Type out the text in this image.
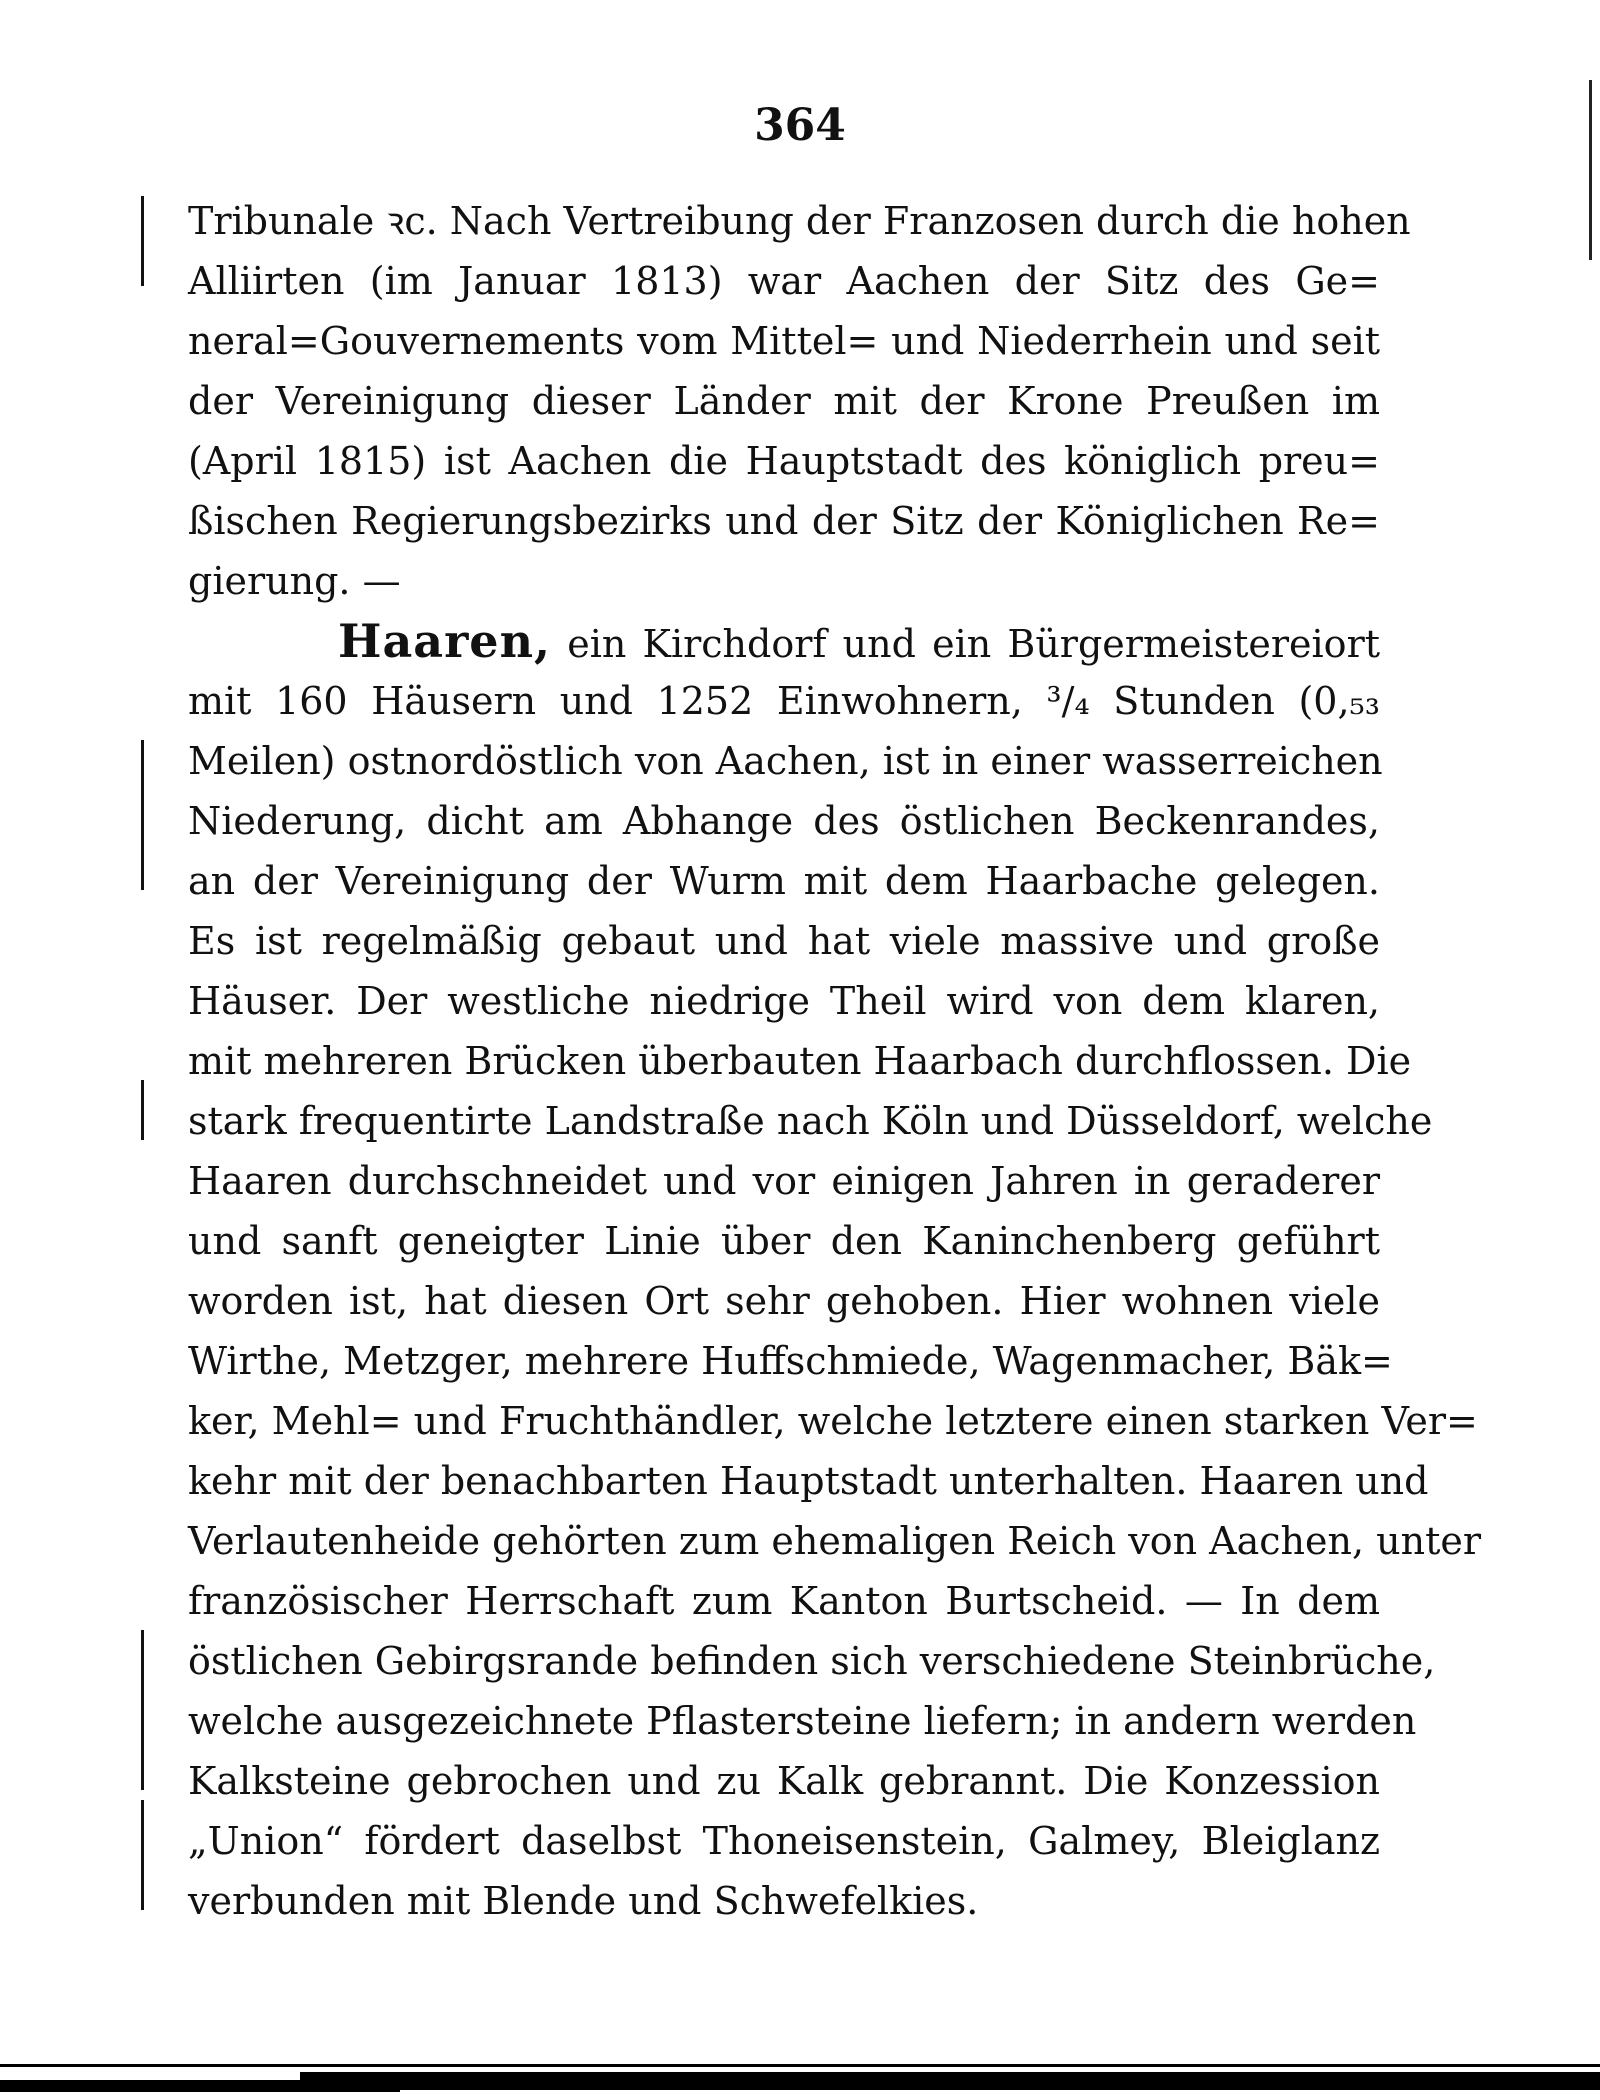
364
Tribunale ꝛc. Nach Vertreibung der Franzosen durch die hohen
Alliirten (im Januar 1813) war Aachen der Sitz des Ge=
neral=Gouvernements vom Mittel= und Niederrhein und seit
der Vereinigung dieser Länder mit der Krone Preußen im
(April 1815) ist Aachen die Hauptstadt des königlich preu=
ßischen Regierungsbezirks und der Sitz der Königlichen Re=
gierung. —
Haaren, ein Kirchdorf und ein Bürgermeistereiort
mit 160 Häusern und 1252 Einwohnern, ³/₄ Stunden (0,₅₃
Meilen) ostnordöstlich von Aachen, ist in einer wasserreichen
Niederung, dicht am Abhange des östlichen Beckenrandes,
an der Vereinigung der Wurm mit dem Haarbache gelegen.
Es ist regelmäßig gebaut und hat viele massive und große
Häuser. Der westliche niedrige Theil wird von dem klaren,
mit mehreren Brücken überbauten Haarbach durchflossen. Die
stark frequentirte Landstraße nach Köln und Düsseldorf, welche
Haaren durchschneidet und vor einigen Jahren in geraderer
und sanft geneigter Linie über den Kaninchenberg geführt
worden ist, hat diesen Ort sehr gehoben. Hier wohnen viele
Wirthe, Metzger, mehrere Huffschmiede, Wagenmacher, Bäk=
ker, Mehl= und Fruchthändler, welche letztere einen starken Ver=
kehr mit der benachbarten Hauptstadt unterhalten. Haaren und
Verlautenheide gehörten zum ehemaligen Reich von Aachen, unter
französischer Herrschaft zum Kanton Burtscheid. — In dem
östlichen Gebirgsrande befinden sich verschiedene Steinbrüche,
welche ausgezeichnete Pflastersteine liefern; in andern werden
Kalksteine gebrochen und zu Kalk gebrannt. Die Konzession
„Union“ fördert daselbst Thoneisenstein, Galmey, Bleiglanz
verbunden mit Blende und Schwefelkies.
